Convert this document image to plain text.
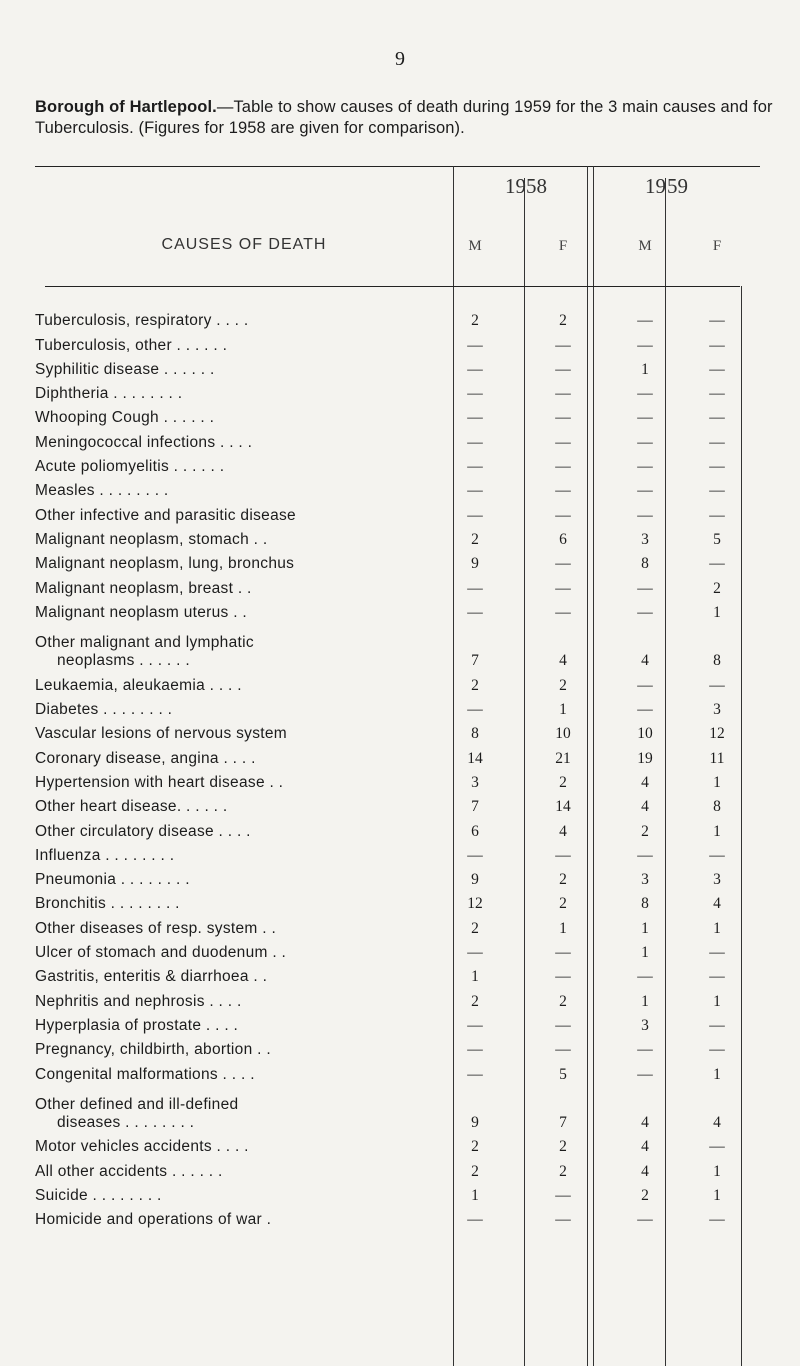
9
Borough of Hartlepool.—Table to show causes of death during 1959 for the 3 main causes and for Tuberculosis. (Figures for 1958 are given for comparison).
19 58	19 59
CAUSES OF DEATH	M	F	M	F
Tuberculosis, respiratory . . . .	2	2	—	—
Tuberculosis, other . . . . . .	—	—	—	—
Syphilitic disease . . . . . .	—	—	1	—
Diphtheria . . . . . . . .	—	—	—	—
Whooping Cough . . . . . .	—	—	—	—
Meningococcal infections . . . .	—	—	—	—
Acute poliomyelitis . . . . . .	—	—	—	—
Measles . . . . . . . .	—	—	—	—
Other infective and parasitic disease	—	—	—	—
Malignant neoplasm, stomach . .	2	6	3	5
Malignant neoplasm, lung, bronchus	9	—	8	—
Malignant neoplasm, breast . .	—	—	—	2
Malignant neoplasm uterus . .	—	—	—	1
Other malignant and lymphatic
neoplasms . . . . . .	7	4	4	8
Leukaemia, aleukaemia . . . .	2	2	—	—
Diabetes . . . . . . . .	—	1	—	3
Vascular lesions of nervous system	8	10	10	12
Coronary disease, angina . . . .	14	21	19	11
Hypertension with heart disease . .	3	2	4	1
Other heart disease. . . . . .	7	14	4	8
Other circulatory disease . . . .	6	4	2	1
Influenza . . . . . . . .	—	—	—	—
Pneumonia . . . . . . . .	9	2	3	3
Bronchitis . . . . . . . .	12	2	8	4
Other diseases of resp. system . .	2	1	1	1
Ulcer of stomach and duodenum . .	—	—	1	—
Gastritis, enteritis & diarrhoea . .	1	—	—	—
Nephritis and nephrosis . . . .	2	2	1	1
Hyperplasia of prostate . . . .	—	—	3	—
Pregnancy, childbirth, abortion . .	—	—	—	—
Congenital malformations . . . .	—	5	—	1
Other defined and ill-defined
diseases . . . . . . . .	9	7	4	4
Motor vehicles accidents . . . .	2	2	4	—
All other accidents . . . . . .	2	2	4	1
Suicide . . . . . . . .	1	—	2	1
Homicide and operations of war .	—	—	—	—
